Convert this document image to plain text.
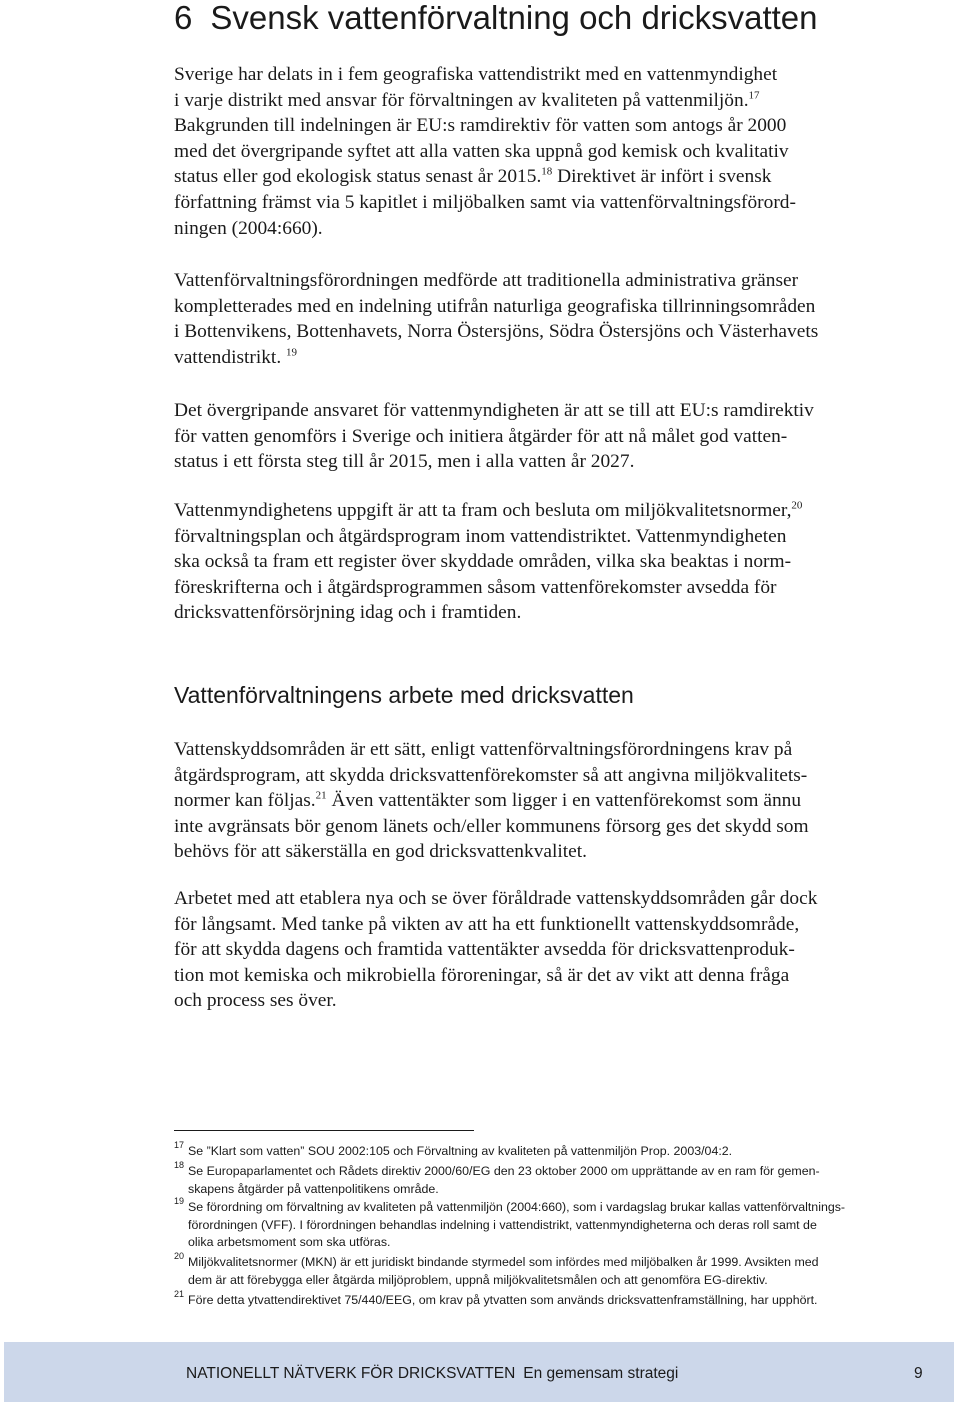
6 Svensk vattenförvaltning och dricksvatten
Sverige har delats in i fem geografiska vattendistrikt med en vattenmyndighet
i varje distrikt med ansvar för förvaltningen av kvaliteten på vattenmiljön.$^{17}$
Bakgrunden till indelningen är EU:s ramdirektiv för vatten som antogs år 2000
med det övergripande syftet att alla vatten ska uppnå god kemisk och kvalitativ
status eller god ekologisk status senast år 2015.18 Direktivet är infört i svensk
författning främst via 5 kapitlet i miljöbalken samt via vattenförvaltningsförord-
ningen (2004:660).
Vattenförvaltningsförordningen medförde att traditionella administrativa gränser
kompletterades med en indelning utifrån naturliga geografiska tillrinningsområden
i Bottenvikens, Bottenhavets, Norra Östersjöns, Södra Östersjöns och Västerhavets
vattendistrikt. $^{19}$
Det övergripande ansvaret för vattenmyndigheten är att se till att EU:s ramdirektiv
för vatten genomförs i Sverige och initiera åtgärder för att nå målet god vatten-
status i ett första steg till år 2015, men i alla vatten år 2027.
Vattenmyndighetens uppgift är att ta fram och besluta om miljökvalitetsnormer,$^{20}$
förvaltningsplan och åtgärdsprogram inom vattendistriktet. Vattenmyndigheten
ska också ta fram ett register över skyddade områden, vilka ska beaktas i norm-
föreskrifterna och i åtgärdsprogrammen såsom vattenförekomster avsedda för
dricksvattenförsörjning idag och i framtiden.
Vattenförvaltningens arbete med dricksvatten
Vattenskyddsområden är ett sätt, enligt vattenförvaltningsförordningens krav på
åtgärdsprogram, att skydda dricksvattenförekomster så att angivna miljökvalitets-
normer kan följas.$^{21}$ Även vattentäkter som ligger i en vattenförekomst som ännu
inte avgränsats bör genom länets och/eller kommunens försorg ges det skydd som
behövs för att säkerställa en god dricksvattenkvalitet.
Arbetet med att etablera nya och se över föråldrade vattenskyddsområden går dock
för långsamt. Med tanke på vikten av att ha ett funktionellt vattenskyddsområde,
för att skydda dagens och framtida vattentäkter avsedda för dricksvattenproduk-
tion mot kemiska och mikrobiella föroreningar, så är det av vikt att denna fråga
och process ses över.
17 Se ”Klart som vatten” SOU 2002:105 och Förvaltning av kvaliteten på vattenmiljön Prop. 2003/04:2.
18 Se Europaparlamentet och Rådets direktiv 2000/60/EG den 23 oktober 2000 om upprättande av en ram för gemen-
skapens åtgärder på vattenpolitikens område.
19 Se förordning om förvaltning av kvaliteten på vattenmiljön (2004:660), som i vardagslag brukar kallas vattenförvaltnings-
förordningen (VFF). I förordningen behandlas indelning i vattendistrikt, vattenmyndigheterna och deras roll samt de
olika arbetsmoment som ska utföras.
20 Miljökvalitetsnormer (MKN) är ett juridiskt bindande styrmedel som infördes med miljöbalken år 1999. Avsikten med
dem är att förebygga eller åtgärda miljöproblem, uppnå miljökvalitetsmålen och att genomföra EG-direktiv.
21 Före detta ytvattendirektivet 75/440/EEG, om krav på ytvatten som används dricksvattenframställning, har upphört.
NATIONELLT NÄTVERK FÖR DRICKSVATTEN En gemensam strategi	9
